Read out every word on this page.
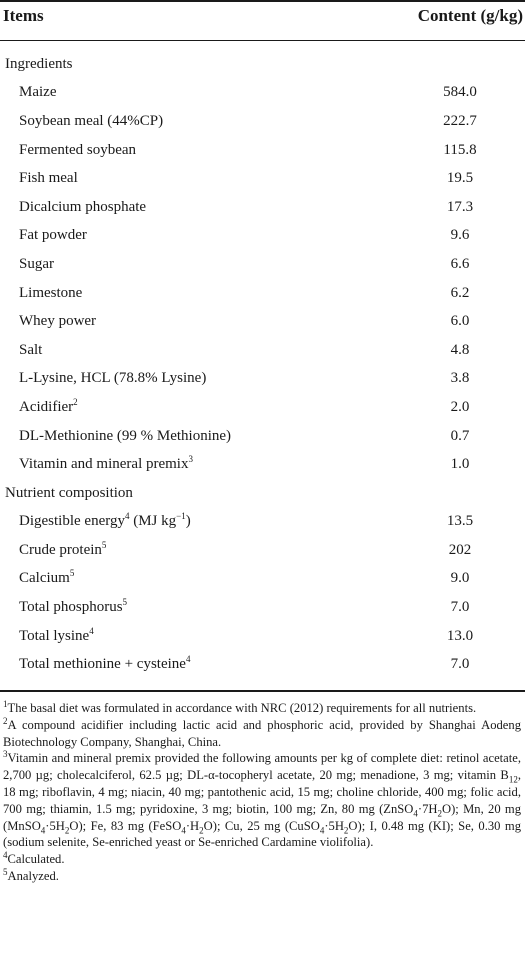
Items	Content (g/kg)
Ingredients
Maize	584.0
Soybean meal (44%CP)	222.7
Fermented soybean	115.8
Fish meal	19.5
Dicalcium phosphate	17.3
Fat powder	9.6
Sugar	6.6
Limestone	6.2
Whey power	6.0
Salt	4.8
L-Lysine, HCL (78.8% Lysine)	3.8
Acidifier$^2$	2.0
DL-Methionine (99 % Methionine)	0.7
Vitamin and mineral premix$^3$	1.0
Nutrient composition
Digestible energy$^4$ (MJ $kg^{-1}$)	13.5
Crude protein$^5$	202
Calcium$^5$	9.0
Total phosphorus$^5$	7.0
Total lysine$^4$	13.0
Total methionine + cysteine$^4$	7.0

$^1$The basal diet was formulated in accordance with NRC (2012) requirements for all nutrients.

$^2$A compound acidifier including lactic acid and phosphoric acid, provided by Shanghai Aodeng Biotechnology Company, Shanghai, China.

$^3$Vitamin and mineral premix provided the following amounts per kg of complete diet: retinol acetate, 2,700 µg; cholecalciferol, 62.5 µg; DL-α-tocopheryl acetate, 20 mg; menadione, 3 mg; vitamin $B_{12}$, 18 mg; riboflavin, 4 mg; niacin, 40 mg; pantothenic acid, 15 mg; choline chloride, 400 mg; folic acid, 700 mg; thiamin, 1.5 mg; pyridoxine, 3 mg; biotin, 100 mg; Zn, 80 mg $(ZnSO_4\cdot 7H_2O)$; Mn, 20 mg $(MnSO_4\cdot 5H_2O)$; Fe, 83 mg $(FeSO_4\cdot H_2O)$; Cu, 25 mg $(CuSO_4\cdot 5H_2O)$; I, 0.48 mg (KI); Se, 0.30 mg (sodium selenite, Se-enriched yeast or Se-enriched Cardamine violifolia).

$^4$Calculated.

$^5$Analyzed.
